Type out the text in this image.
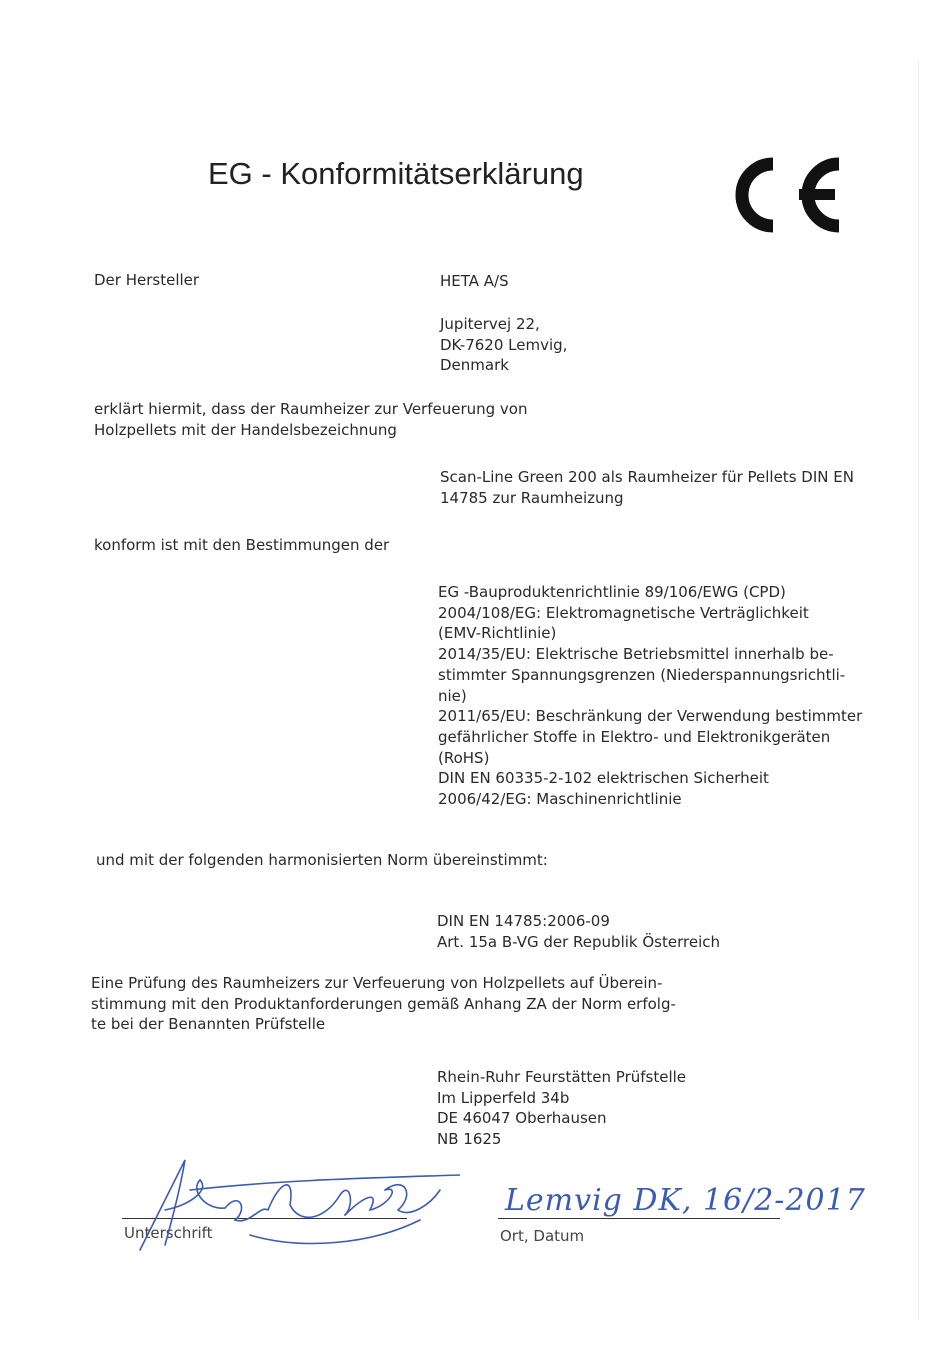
EG - Konformitätserklärung
Der Hersteller	HETA A/S
Jupitervej 22,
DK-7620 Lemvig,
Denmark
erklärt hiermit, dass der Raumheizer zur Verfeuerung von
Holzpellets mit der Handelsbezeichnung
Scan-Line Green 200 als Raumheizer für Pellets DIN EN
14785 zur Raumheizung
konform ist mit den Bestimmungen der
EG -Bauproduktenrichtlinie 89/106/EWG (CPD)
2004/108/EG: Elektromagnetische Verträglichkeit
(EMV-Richtlinie)
2014/35/EU: Elektrische Betriebsmittel innerhalb be-
stimmter Spannungsgrenzen (Niederspannungsrichtli-
nie)
2011/65/EU: Beschränkung der Verwendung bestimmter
gefährlicher Stoffe in Elektro- und Elektronikgeräten
(RoHS)
DIN EN 60335-2-102 elektrischen Sicherheit
2006/42/EG: Maschinenrichtlinie
und mit der folgenden harmonisierten Norm übereinstimmt:
DIN EN 14785:2006-09
Art. 15a B-VG der Republik Österreich
Eine Prüfung des Raumheizers zur Verfeuerung von Holzpellets auf Überein-
stimmung mit den Produktanforderungen gemäß Anhang ZA der Norm erfolg-
te bei der Benannten Prüfstelle
Rhein-Ruhr Feurstätten Prüfstelle
Im Lipperfeld 34b
DE 46047 Oberhausen
NB 1625
Unterschrift
Lemvig DK, 16/2-2017
Ort, Datum
